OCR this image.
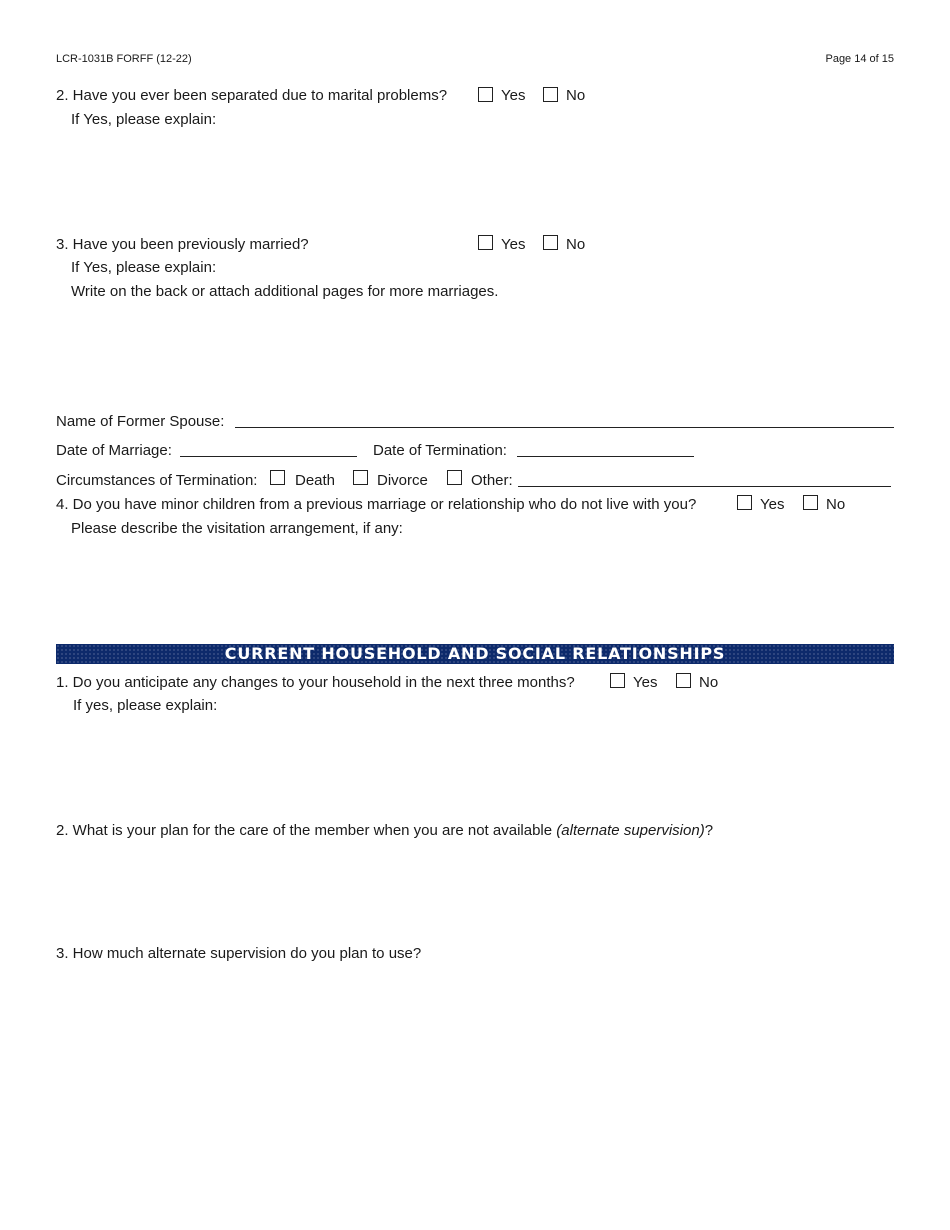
LCR-1031B FORFF (12-22)	Page 14 of 15
2. Have you ever been separated due to marital problems?	Yes	No
If Yes, please explain:
3. Have you been previously married?	Yes	No
If Yes, please explain:
Write on the back or attach additional pages for more marriages.
Name of Former Spouse:
Date of Marriage:	Date of Termination:
Circumstances of Termination:	Death	Divorce	Other:
4. Do you have minor children from a previous marriage or relationship who do not live with you?	Yes	No
Please describe the visitation arrangement, if any:
CURRENT HOUSEHOLD AND SOCIAL RELATIONSHIPS
1. Do you anticipate any changes to your household in the next three months?	Yes	No
If yes, please explain:
2. What is your plan for the care of the member when you are not available (alternate supervision)?
3. How much alternate supervision do you plan to use?
